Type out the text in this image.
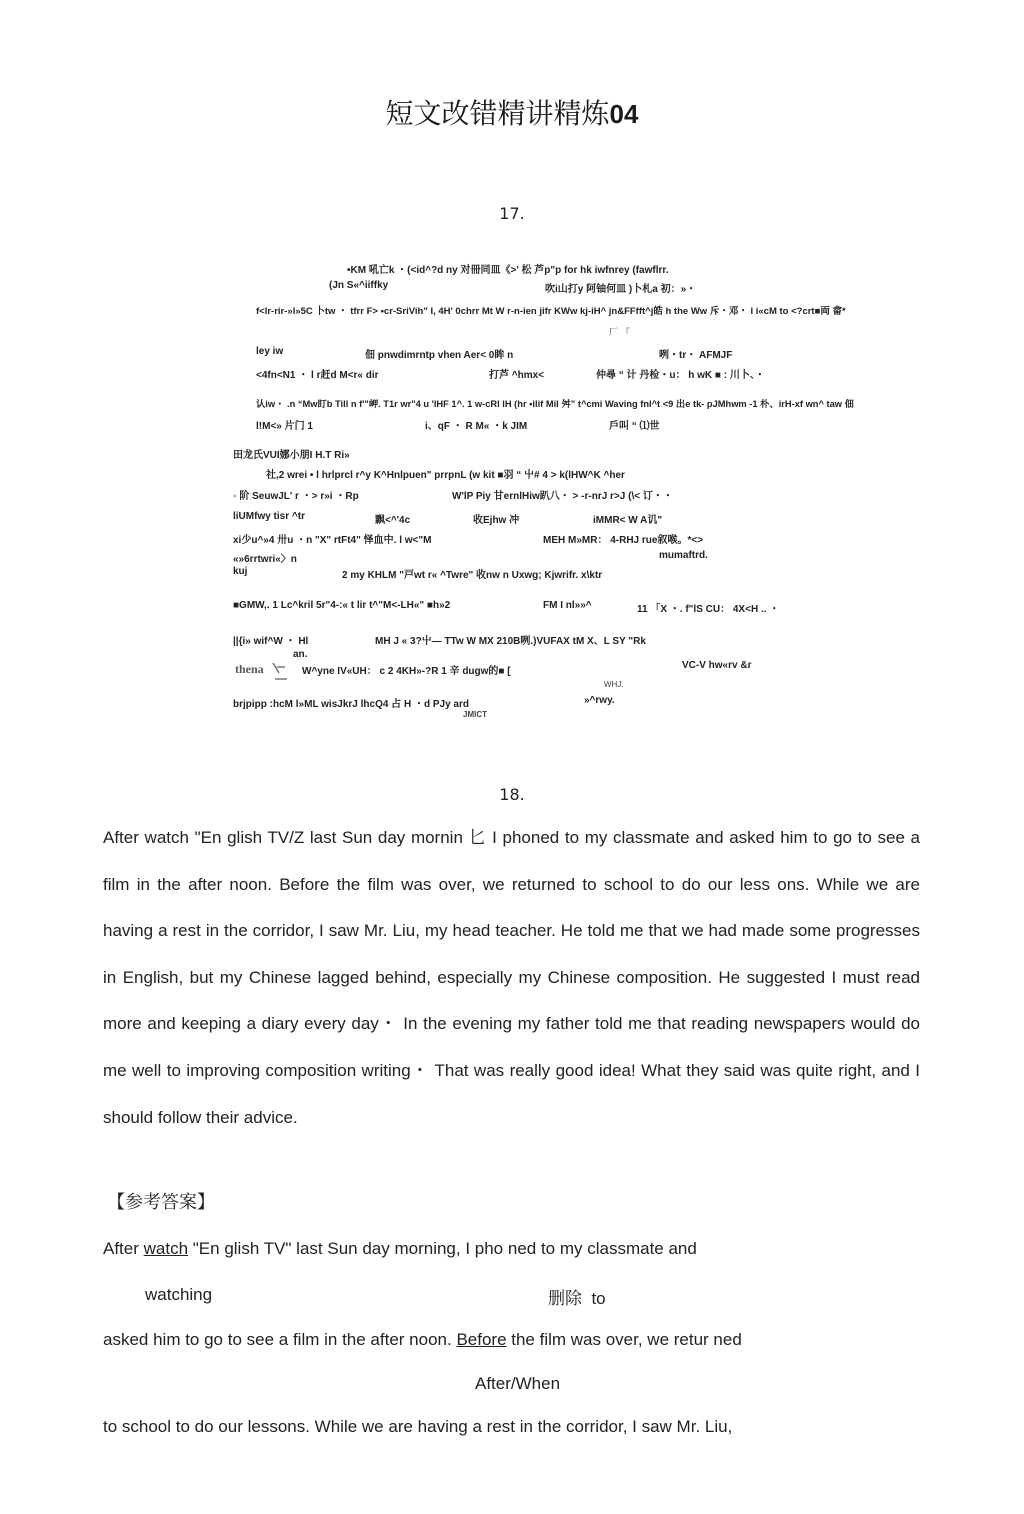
短文改错精讲精炼04
17.
•KM 吼亡k ・(<id^?d ny 对冊同皿《>' 松 芦p"p for hk iwfnrey (fawflrr.
(Jn S«^iiffky	吹i山打y 阿铀何皿 )卜札a 初：»・
f<lr-rir-»l»5C 卜tw ・ tfrr F> •cr-SriVih" I, 4H' 0chrr Mt W r-n-ien jifr KWw kj-iH^ jn&FFfft^j皓 h the Ww 斥・邓・ l i«cM to <?crt■両 畲*
厂 『
ley iw	佃 pnwdimrntp vhen Aer< 0眸 n	咧・tr・ AFMJF
<4fn<N1 ・ l r赶d M<r« dir	打芦 ^hmx<	仲尋 “ 计 丹检・u： h wK ■ : 川卜、・
认iw・ .n “Mw盯b Till n f'"岬. T1r wr"4 u 'lHF 1^. 1 w-cRl lH (hr •ilif Mil 舛” t^cmi Waving fnl^t <9 出e tk- pJMhwm -1 朴、irH-xf wn^ taw 佃
l!M<» 片门 1	i、qF ・ R M« ・k JIM	戶叫 “ ⑴世
田龙氏VUI娜小朋I H.T Ri»
社,2 wrei • l hrlprcl r^y K^Hnlpuen" prrpnL (w kit ■羽 “ 屮# 4 > k(lHW^K ^her
◦ 阶 SeuwJL' r ・> r»i ・Rp	W'lP Piy 甘ernlHiw趴八・ > -r-nrJ r>J (\< 订・・
liUMfwy tisr ^tr	飘<^'4c	收Ejhw 冲	iMMR< W A讥"
xi少u^»4 卅u ・n "X" rtFt4" 怿血中. l w<"M	MEH M»MR： 4-RHJ rue叙喉。*<>
«»6rrtwri«〉n	mumaftrd.
kuj	2 my KHLM "戸wt r« ^Twre" 收nw n Uxwg; Kjwrifr. x\ktr
■GMW,. 1 Lc^kril 5r"4-:« t lir t^"M<-LH«" ■h»2	FM I nl»»^	11 「X ・. f"lS CU： 4X<H .. ・
||{i» wif^W ・ Hl	MH J « 3?屮— TTw W MX 210B咧.)VUFAX tM X、L SY "Rk
an.
thena	W^yne IV«UH： c 2 4KH»-?R 1 辛 dugw的■ [
VC-V hw«rv &r
WHJ.
brjpipp :hcM l»ML wisJkrJ lhcQ4 占 H ・d PJy ard	»^rwy.
JMlCT
18.

After watch "En glish TV​/Z last Sun day mornin 匕 I phoned to my classmate and asked him to go to see a film in the after noon. Before the film was over, we returned to school to do our less ons. While we are having a rest in the corridor, I saw Mr. Liu, my head teacher. He told me that we had made some progresses in English, but my Chinese lagged behind, especially my Chinese composition. He suggested I must read more and keeping a diary every day・ In the evening my father told me that reading newspapers would do me well to improving composition writing・ That was really good idea! What they said was quite right, and I should follow their advice.

【参考答案】
After watch "En glish TV" last Sun day morning, I pho ned to my classmate and
watching	删除 to
asked him to go to see a film in the after noon. Before the film was over, we retur ned
After/When
to school to do our lessons. While we are having a rest in the corridor, I saw Mr. Liu,
